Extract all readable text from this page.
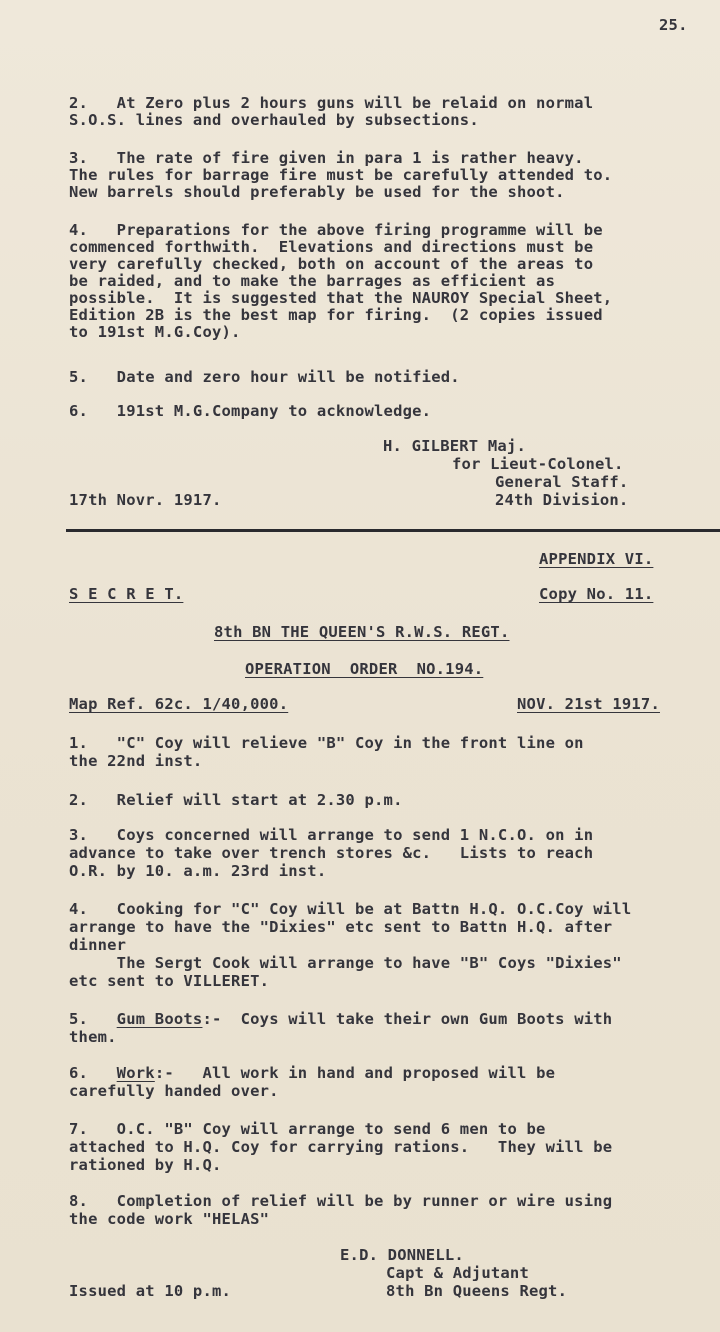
25.

2.   At Zero plus 2 hours guns will be relaid on normal

S.O.S. lines and overhauled by subsections.

3.   The rate of fire given in para 1 is rather heavy.

The rules for barrage fire must be carefully attended to.

New barrels should preferably be used for the shoot.

4.   Preparations for the above firing programme will be

commenced forthwith.  Elevations and directions must be

very carefully checked, both on account of the areas to

be raided, and to make the barrages as efficient as

possible.  It is suggested that the NAUROY Special Sheet,

Edition 2B is the best map for firing.  (2 copies issued

to 191st M.G.Coy).

5.   Date and zero hour will be notified.

6.   191st M.G.Company to acknowledge.

H. GILBERT Maj.

for Lieut-Colonel.

General Staff.

24th Division.

17th Novr. 1917.

APPENDIX VI.

S E C R E T.	Copy No. 11.

8th BN THE QUEEN'S R.W.S. REGT.

OPERATION  ORDER  NO.194.

Map Ref. 62c. 1/40,000.	NOV. 21st 1917.

1.   "C" Coy will relieve "B" Coy in the front line on

the 22nd inst.

2.   Relief will start at 2.30 p.m.

3.   Coys concerned will arrange to send 1 N.C.O. on in

advance to take over trench stores &c.   Lists to reach

O.R. by 10. a.m. 23rd inst.

4.   Cooking for "C" Coy will be at Battn H.Q. O.C.Coy will

arrange to have the "Dixies" etc sent to Battn H.Q. after

dinner

The Sergt Cook will arrange to have "B" Coys "Dixies"

etc sent to VILLERET.

5.   Gum Boots:-  Coys will take their own Gum Boots with

them.

6.   Work:-   All work in hand and proposed will be

carefully handed over.

7.   O.C. "B" Coy will arrange to send 6 men to be

attached to H.Q. Coy for carrying rations.   They will be

rationed by H.Q.

8.   Completion of relief will be by runner or wire using

the code work "HELAS"

E.D. DONNELL.

Capt & Adjutant

8th Bn Queens Regt.

Issued at 10 p.m.
